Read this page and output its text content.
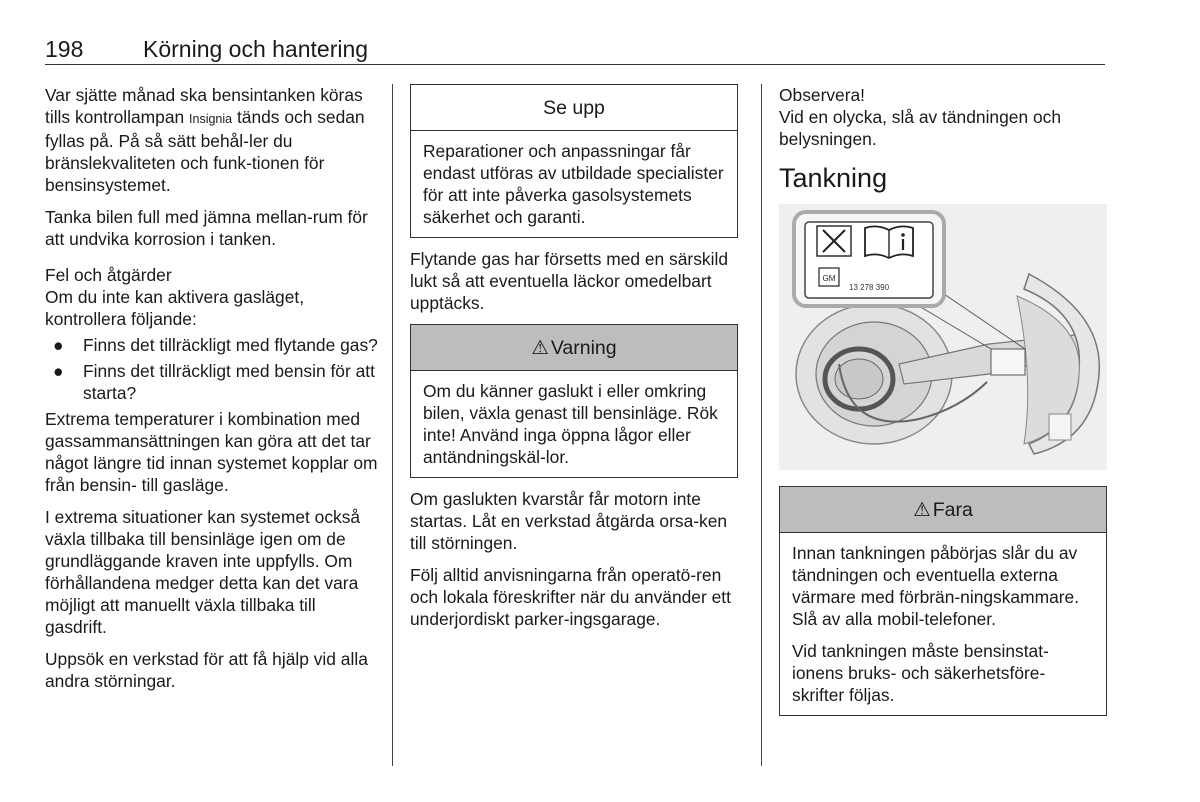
198	Körning och hantering

Var sjätte månad ska bensintanken köras tills kontrollampan Insignia tänds och sedan fyllas på. På så sätt behål-ler du bränslekvaliteten och funk-tionen för bensinsystemet.

Tanka bilen full med jämna mellan-rum för att undvika korrosion i tanken.

Fel och åtgärder

Om du inte kan aktivera gasläget, kontrollera följande:

● Finns det tillräckligt med flytande gas?
● Finns det tillräckligt med bensin för att starta?

Extrema temperaturer i kombination med gassammansättningen kan göra att det tar något längre tid innan systemet kopplar om från bensin- till gasläge.

I extrema situationer kan systemet också växla tillbaka till bensinläge igen om de grundläggande kraven inte uppfylls. Om förhållandena medger detta kan det vara möjligt att manuellt växla tillbaka till gasdrift.

Uppsök en verkstad för att få hjälp vid alla andra störningar.

Se upp

Reparationer och anpassningar får endast utföras av utbildade specialister för att inte påverka gasolsystemets säkerhet och garanti.

Flytande gas har försetts med en särskild lukt så att eventuella läckor omedelbart upptäcks.

⚠ Varning

Om du känner gaslukt i eller omkring bilen, växla genast till bensinläge. Rök inte! Använd inga öppna lågor eller antändningskäl-lor.

Om gaslukten kvarstår får motorn inte startas. Låt en verkstad åtgärda orsa-ken till störningen.

Följ alltid anvisningarna från operatö-ren och lokala föreskrifter när du använder ett underjordiskt parker-ingsgarage.

Observera!

Vid en olycka, slå av tändningen och belysningen.

Tankning
GM
13 278 390
⚠ Fara

Innan tankningen påbörjas slår du av tändningen och eventuella externa värmare med förbrän-ningskammare. Slå av alla mobil-telefoner.

Vid tankningen måste bensinstat-ionens bruks- och säkerhetsföre-skrifter följas.
